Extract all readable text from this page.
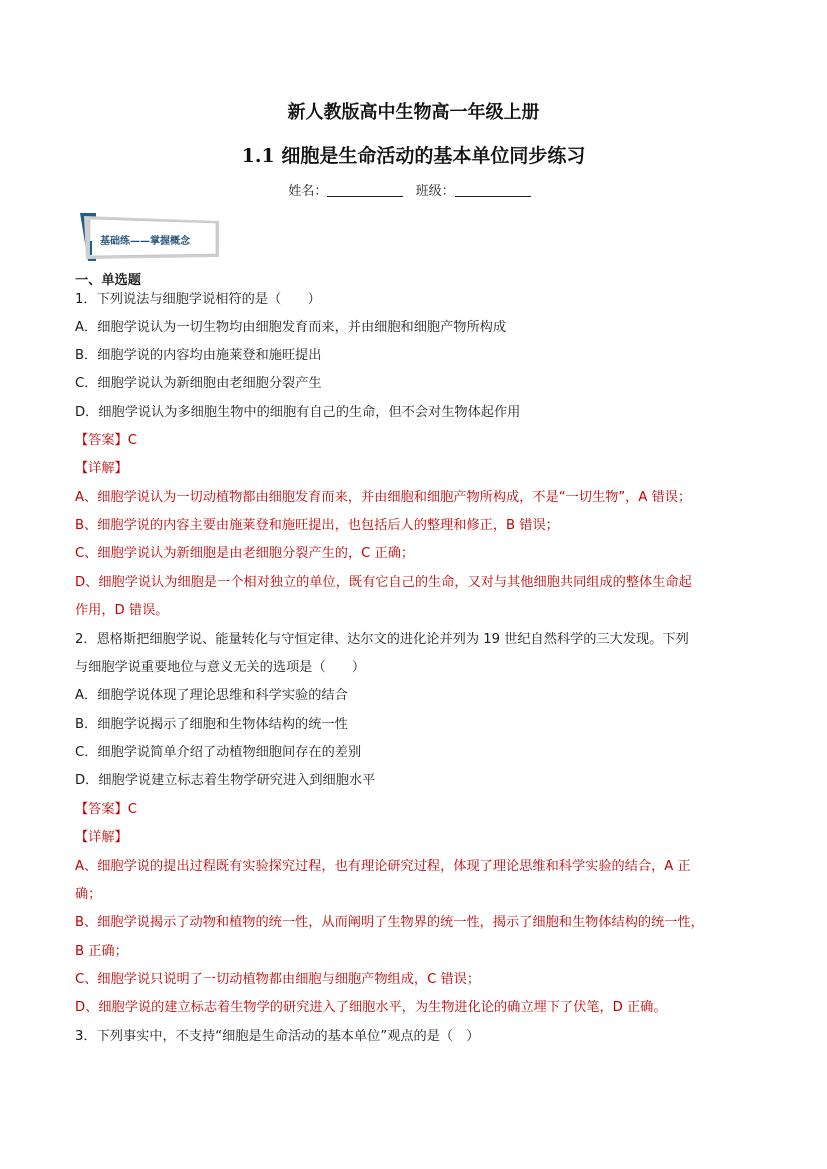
新人教版高中生物高一年级上册
1.1 细胞是生命活动的基本单位同步练习
姓名：	班级：
基础练——掌握概念
一、单选题
1．下列说法与细胞学说相符的是（　　）
A．细胞学说认为一切生物均由细胞发育而来，并由细胞和细胞产物所构成
B．细胞学说的内容均由施莱登和施旺提出
C．细胞学说认为新细胞由老细胞分裂产生
D．细胞学说认为多细胞生物中的细胞有自己的生命，但不会对生物体起作用
【答案】C
【详解】
A、细胞学说认为一切动植物都由细胞发育而来，并由细胞和细胞产物所构成，不是“一切生物”，A 错误；
B、细胞学说的内容主要由施莱登和施旺提出，也包括后人的整理和修正，B 错误；
C、细胞学说认为新细胞是由老细胞分裂产生的，C 正确；
D、细胞学说认为细胞是一个相对独立的单位，既有它自己的生命，又对与其他细胞共同组成的整体生命起
作用，D 错误。
2．恩格斯把细胞学说、能量转化与守恒定律、达尔文的进化论并列为 19 世纪自然科学的三大发现。下列
与细胞学说重要地位与意义无关的选项是（　　）
A．细胞学说体现了理论思维和科学实验的结合
B．细胞学说揭示了细胞和生物体结构的统一性
C．细胞学说简单介绍了动植物细胞间存在的差别
D．细胞学说建立标志着生物学研究进入到细胞水平
【答案】C
【详解】
A、细胞学说的提出过程既有实验探究过程，也有理论研究过程，体现了理论思维和科学实验的结合，A 正
确；
B、细胞学说揭示了动物和植物的统一性，从而阐明了生物界的统一性，揭示了细胞和生物体结构的统一性，
B 正确；
C、细胞学说只说明了一切动植物都由细胞与细胞产物组成，C 错误；
D、细胞学说的建立标志着生物学的研究进入了细胞水平，为生物进化论的确立埋下了伏笔，D 正确。
3．下列事实中，不支持“细胞是生命活动的基本单位”观点的是（　）
